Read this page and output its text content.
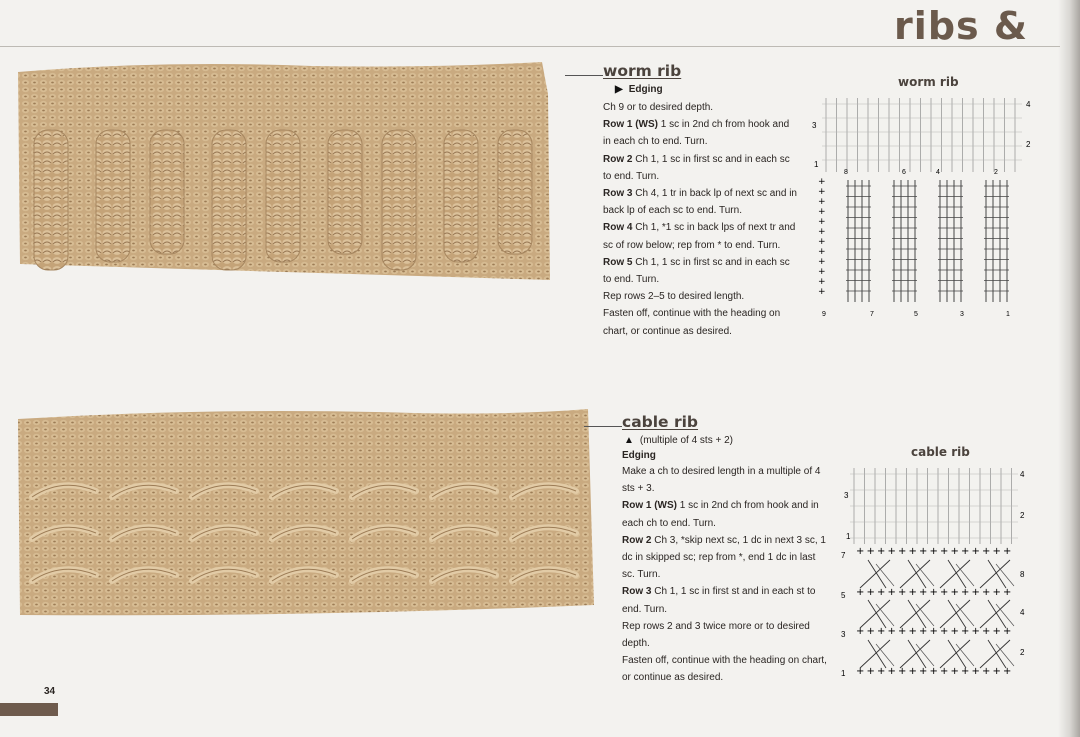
ribs &
worm rib
▶ Edging

Ch 9 or to desired depth.

Row 1 (WS) 1 sc in 2nd ch from hook and in each ch to end. Turn.

Row 2 Ch 1, 1 sc in first sc and in each sc to end. Turn.

Row 3 Ch 4, 1 tr in back lp of next sc and in back lp of each sc to end. Turn.

Row 4 Ch 1, *1 sc in back lps of next tr and sc of row below; rep from * to end. Turn.

Row 5 Ch 1, 1 sc in first sc and in each sc to end. Turn.

Rep rows 2–5 to desired length.

Fasten off, continue with the heading on chart, or continue as desired.

cable rib
▲ (multiple of 4 sts + 2)
Edging

Make a ch to desired length in a multiple of 4 sts + 3.

Row 1 (WS) 1 sc in 2nd ch from hook and in each ch to end. Turn.

Row 2 Ch 3, *skip next sc, 1 dc in next 3 sc, 1 dc in skipped sc; rep from *, end 1 dc in last sc. Turn.

Row 3 Ch 1, 1 sc in first st and in each st to end. Turn.

Rep rows 2 and 3 twice more or to desired depth.

Fasten off, continue with the heading on chart, or continue as desired.

worm rib
+
+
+
+
+
+
+
+
+
+
+
+
4
2
3
1
8	6	4	2
9	7	5	3	1
cable rib
+ + + + + + + + + + + + + + +
+ + + + + + + + + + + + + + +
+ + + + + + + + + + + + + + +
+ + + + + + + + + + + + + + +
4
2
8
4
2
3
1
7
5
3
1
34
